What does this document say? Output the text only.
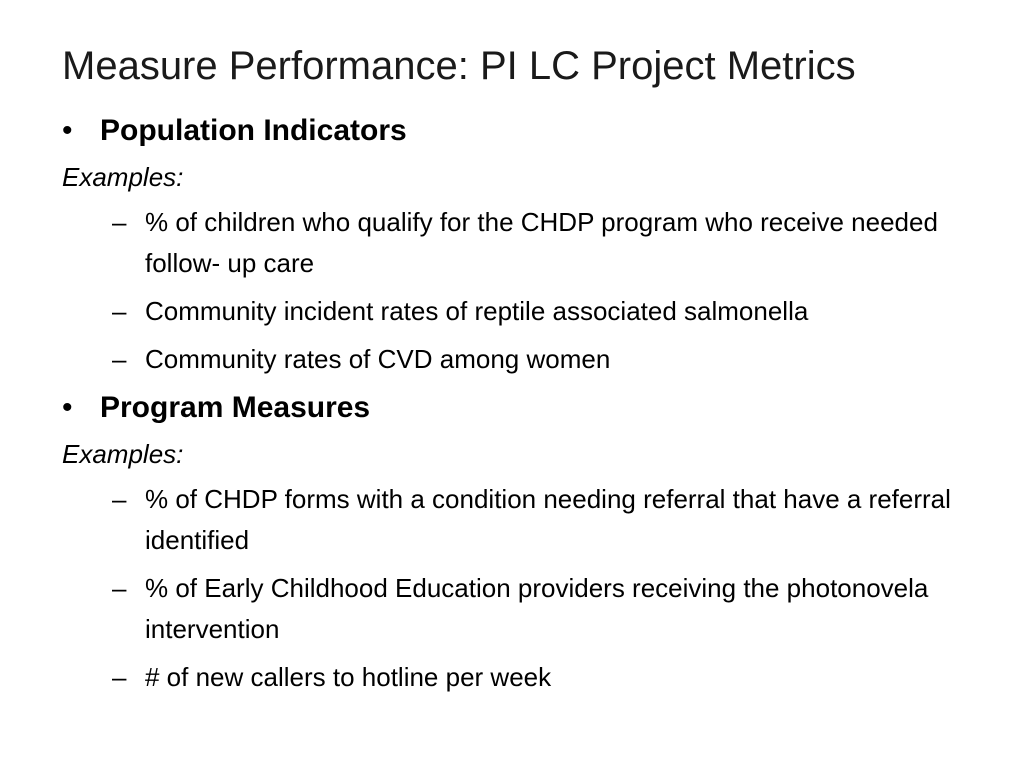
Measure Performance: PI LC Project Metrics
• Population Indicators
Examples:
– % of children who qualify for the CHDP program who receive needed follow- up care
– Community incident rates of reptile associated salmonella
– Community rates of CVD among women
• Program Measures
Examples:
– % of CHDP forms with a condition needing referral that have a referral identified
– % of Early Childhood Education providers receiving the photonovela intervention
– # of new callers to hotline per week
